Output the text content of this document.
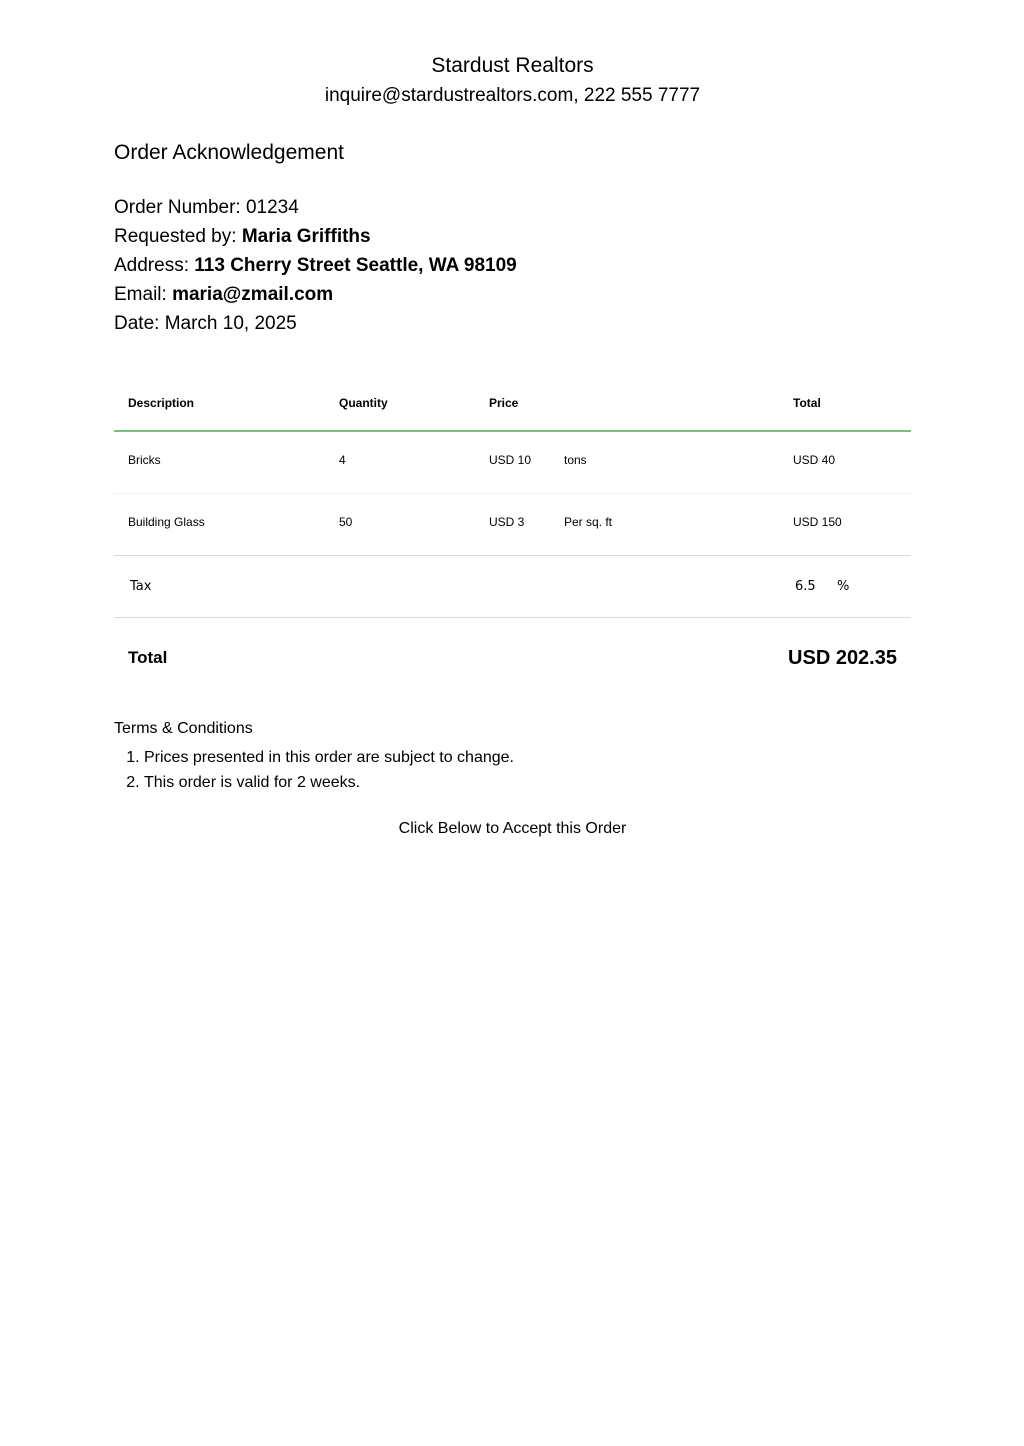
Stardust Realtors
inquire@stardustrealtors.com, 222 555 7777
Order Acknowledgement
Order Number: 01234
Requested by: Maria Griffiths
Address: 113 Cherry Street Seattle, WA 98109
Email: maria@zmail.com
Date: March 10, 2025
Description	Quantity	Price	Total
Bricks	4	USD 10	tons	USD 40
Building Glass	50	USD 3	Per sq. ft	USD 150
Tax	6.5 %
Total	USD 202.35
Terms & Conditions
1. Prices presented in this order are subject to change.
2. This order is valid for 2 weeks.
Click Below to Accept this Order
